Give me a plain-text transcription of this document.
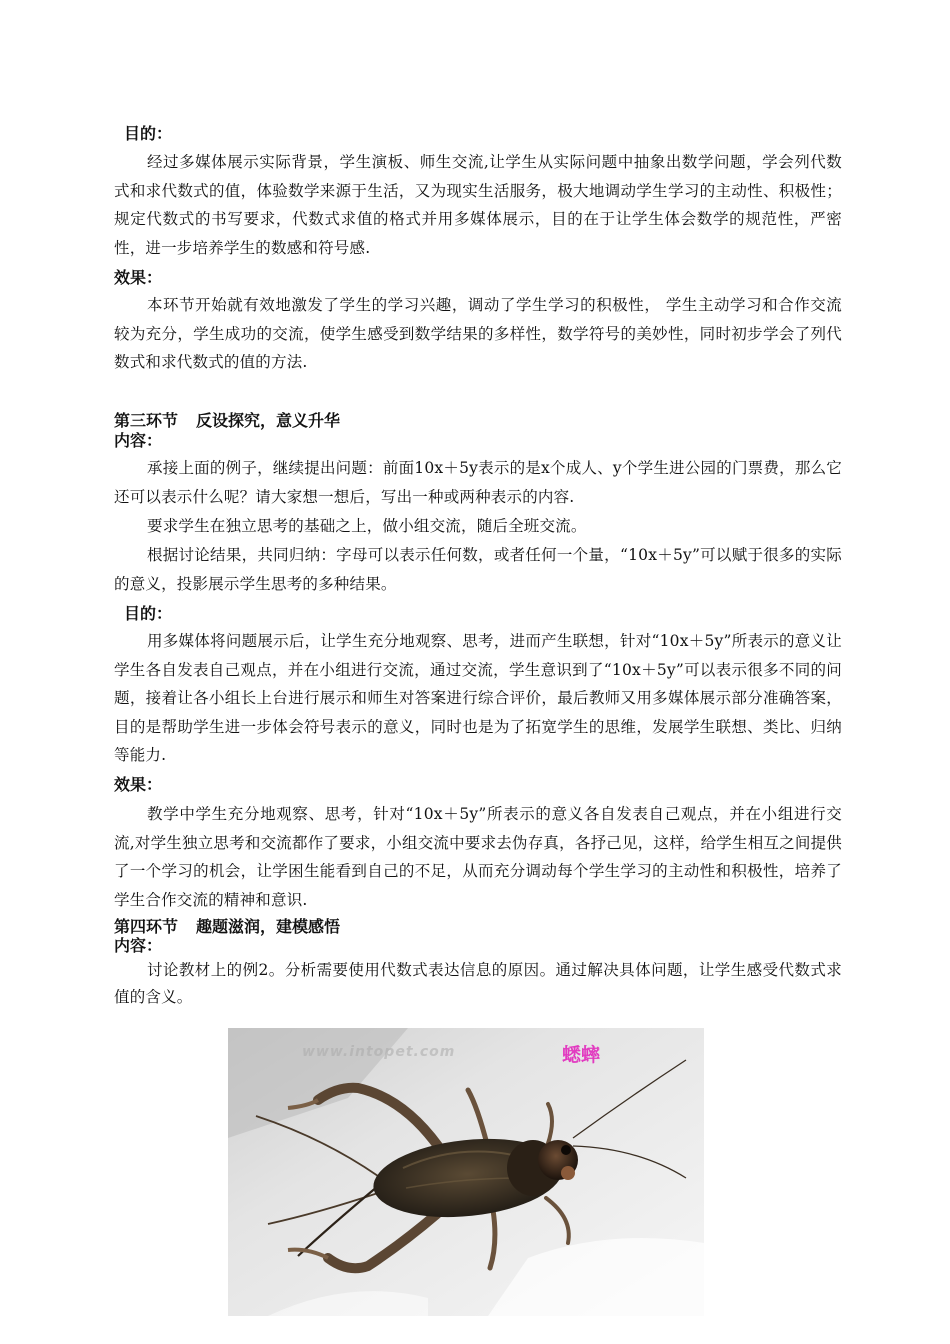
目的：
经过多媒体展示实际背景，学生演板、师生交流,让学生从实际问题中抽象出数学问题，学会列代数式和求代数式的值，体验数学来源于生活，又为现实生活服务，极大地调动学生学习的主动性、积极性；规定代数式的书写要求，代数式求值的格式并用多媒体展示，目的在于让学生体会数学的规范性，严密性，进一步培养学生的数感和符号感.
效果：
本环节开始就有效地激发了学生的学习兴趣，调动了学生学习的积极性， 学生主动学习和合作交流较为充分，学生成功的交流，使学生感受到数学结果的多样性，数学符号的美妙性，同时初步学会了列代数式和求代数式的值的方法.
第三环节 反设探究，意义升华
内容：
承接上面的例子，继续提出问题：前面10x＋5y表示的是x个成人、y个学生进公园的门票费，那么它还可以表示什么呢？请大家想一想后，写出一种或两种表示的内容.
要求学生在独立思考的基础之上，做小组交流，随后全班交流。
根据讨论结果，共同归纳：字母可以表示任何数，或者任何一个量，“10x＋5y”可以赋于很多的实际的意义，投影展示学生思考的多种结果。
目的：
用多媒体将问题展示后，让学生充分地观察、思考，进而产生联想，针对“10x＋5y”所表示的意义让学生各自发表自己观点，并在小组进行交流，通过交流，学生意识到了“10x＋5y”可以表示很多不同的问题，接着让各小组长上台进行展示和师生对答案进行综合评价，最后教师又用多媒体展示部分准确答案，目的是帮助学生进一步体会符号表示的意义，同时也是为了拓宽学生的思维，发展学生联想、类比、归纳等能力.
效果：
教学中学生充分地观察、思考，针对“10x＋5y”所表示的意义各自发表自己观点，并在小组进行交流,对学生独立思考和交流都作了要求，小组交流中要求去伪存真，各抒己见，这样，给学生相互之间提供了一个学习的机会，让学困生能看到自己的不足，从而充分调动每个学生学习的主动性和积极性，培养了学生合作交流的精神和意识.
第四环节 趣题滋润，建模感悟
内容：
讨论教材上的例2。分析需要使用代数式表达信息的原因。通过解决具体问题，让学生感受代数式求值的含义。
www.intopet.com	蟋蟀
